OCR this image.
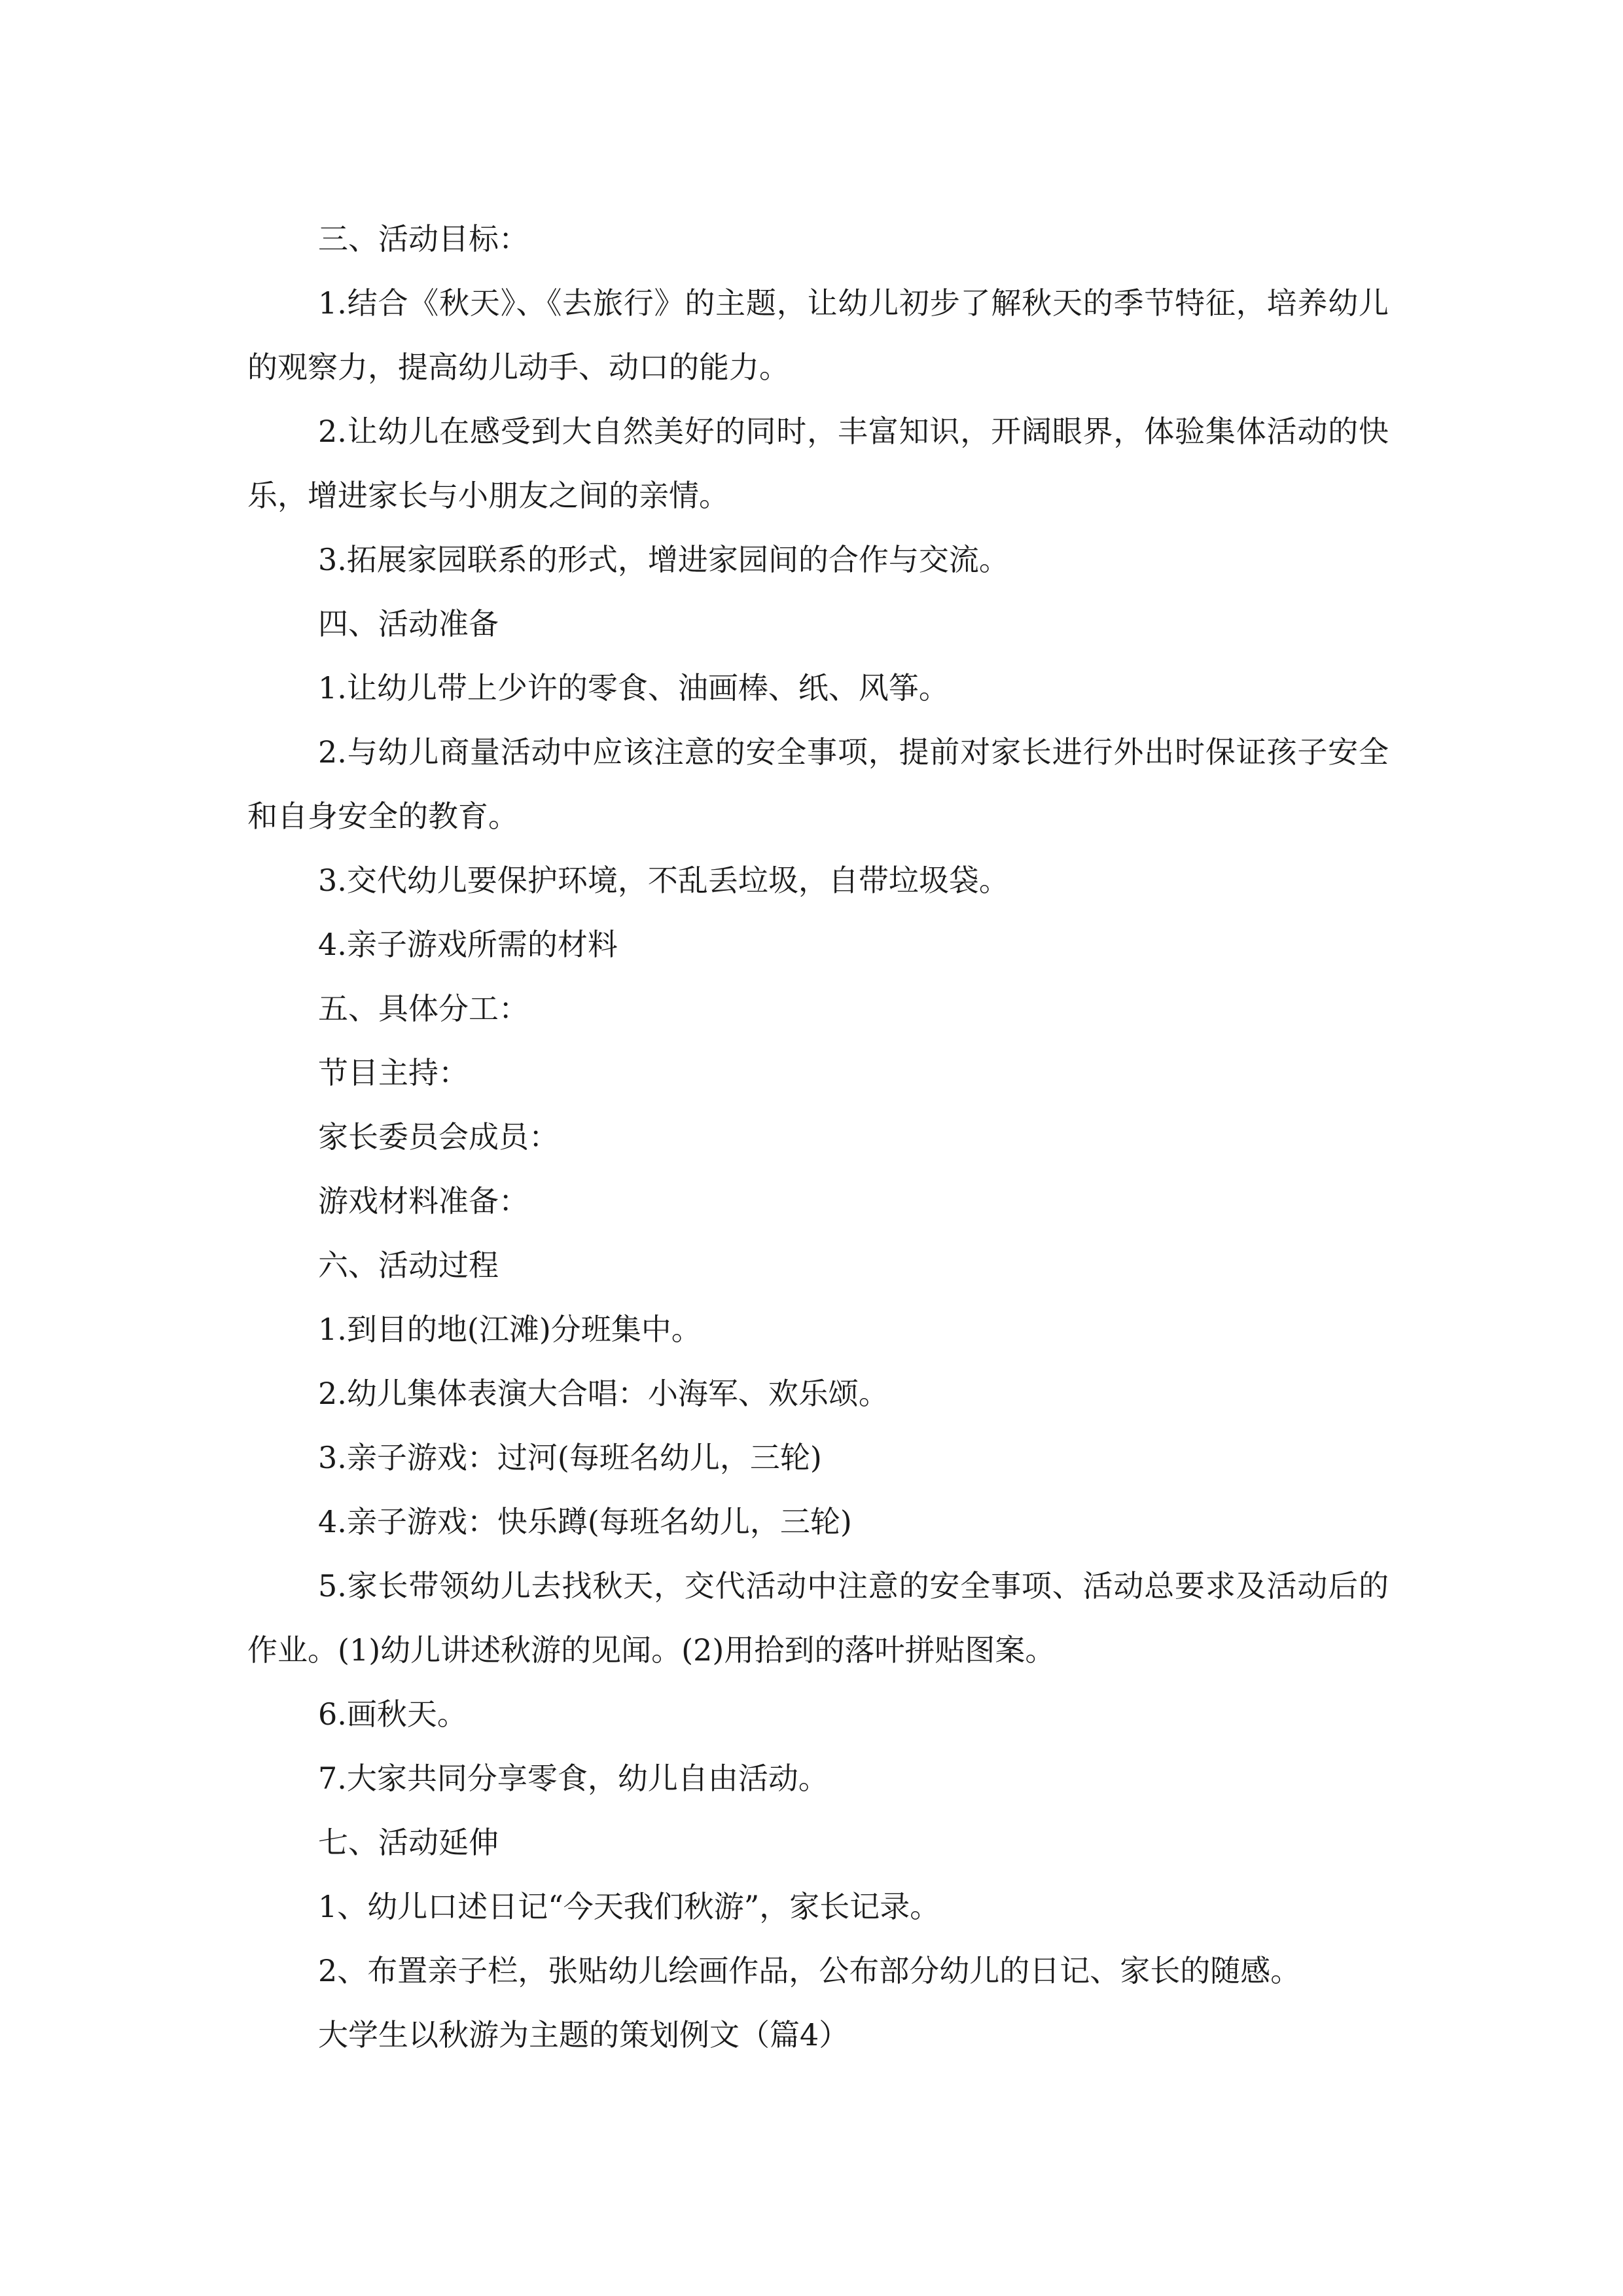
三、活动目标：

1.结合《秋天》、《去旅行》的主题，让幼儿初步了解秋天的季节特征，培养幼儿的观察力，提高幼儿动手、动口的能力。

2.让幼儿在感受到大自然美好的同时，丰富知识，开阔眼界，体验集体活动的快乐，增进家长与小朋友之间的亲情。

3.拓展家园联系的形式，增进家园间的合作与交流。

四、活动准备

1.让幼儿带上少许的零食、油画棒、纸、风筝。

2.与幼儿商量活动中应该注意的安全事项，提前对家长进行外出时保证孩子安全和自身安全的教育。

3.交代幼儿要保护环境，不乱丢垃圾，自带垃圾袋。

4.亲子游戏所需的材料

五、具体分工：

节目主持：

家长委员会成员：

游戏材料准备：

六、活动过程

1.到目的地(江滩)分班集中。

2.幼儿集体表演大合唱：小海军、欢乐颂。

3.亲子游戏：过河(每班名幼儿，三轮)

4.亲子游戏：快乐蹲(每班名幼儿，三轮)

5.家长带领幼儿去找秋天，交代活动中注意的安全事项、活动总要求及活动后的作业。(1)幼儿讲述秋游的见闻。(2)用拾到的落叶拼贴图案。

6.画秋天。

7.大家共同分享零食，幼儿自由活动。

七、活动延伸

1、幼儿口述日记“今天我们秋游”，家长记录。

2、布置亲子栏，张贴幼儿绘画作品，公布部分幼儿的日记、家长的随感。

大学生以秋游为主题的策划例文（篇4）
